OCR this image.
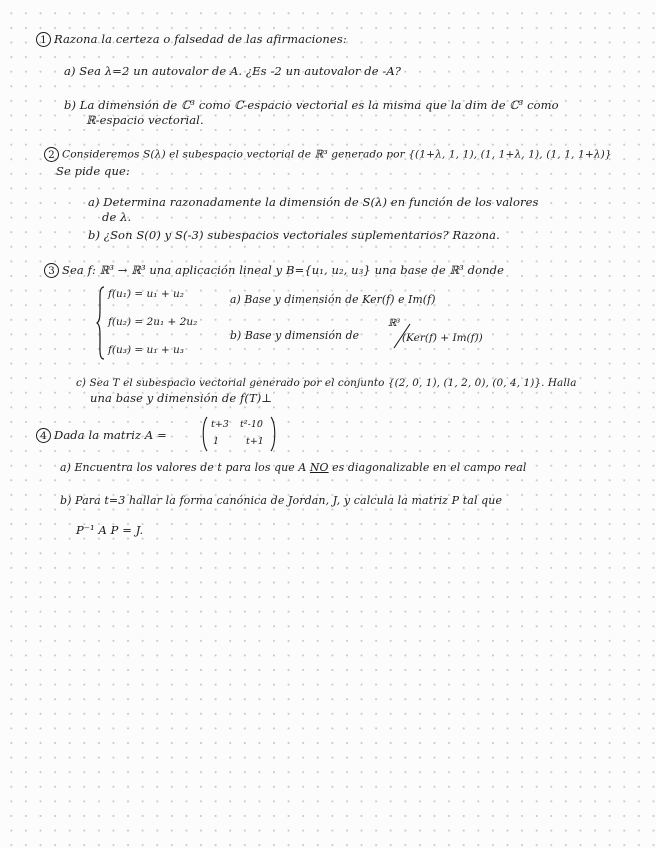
1 Razona la certeza o falsedad de las afirmaciones:
a) Sea λ=2 un autovalor de A. ¿Es -2 un autovalor de -A?
b) La dimensión de ℂ³ como ℂ-espacio vectorial es la misma que la dim de ℂ³ como
ℝ-espacio vectorial.
2 Consideremos S(λ) el subespacio vectorial de ℝ³ generado por {(1+λ, 1, 1), (1, 1+λ, 1), (1, 1, 1+λ)}
Se pide que:
a) Determina razonadamente la dimensión de S(λ) en función de los valores
de λ.
b) ¿Son S(0) y S(-3) subespacios vectoriales suplementarios? Razona.
3 Sea f: ℝ³ → ℝ³ una aplicación lineal y B={u₁, u₂, u₃} una base de ℝ³ donde
f(u₁) = u₁ + u₂
f(u₂) = 2u₁ + 2u₂
f(u₃) = u₁ + u₃
a) Base y dimensión de Ker(f) e Im(f)
b) Base y dimensión de
ℝ³
(Ker(f) + Im(f))
c) Sea T el subespacio vectorial generado por el conjunto {(2, 0, 1), (1, 2, 0), (0, 4, 1)}. Halla
una base y dimensión de f(T)⊥
4 Dada la matriz A =
t+3 t²-10
1	t+1
a) Encuentra los valores de t para los que A NO es diagonalizable en el campo real
b) Para t=3 hallar la forma canónica de Jordan, J, y calcula la matriz P tal que
P⁻¹ A P = J.
